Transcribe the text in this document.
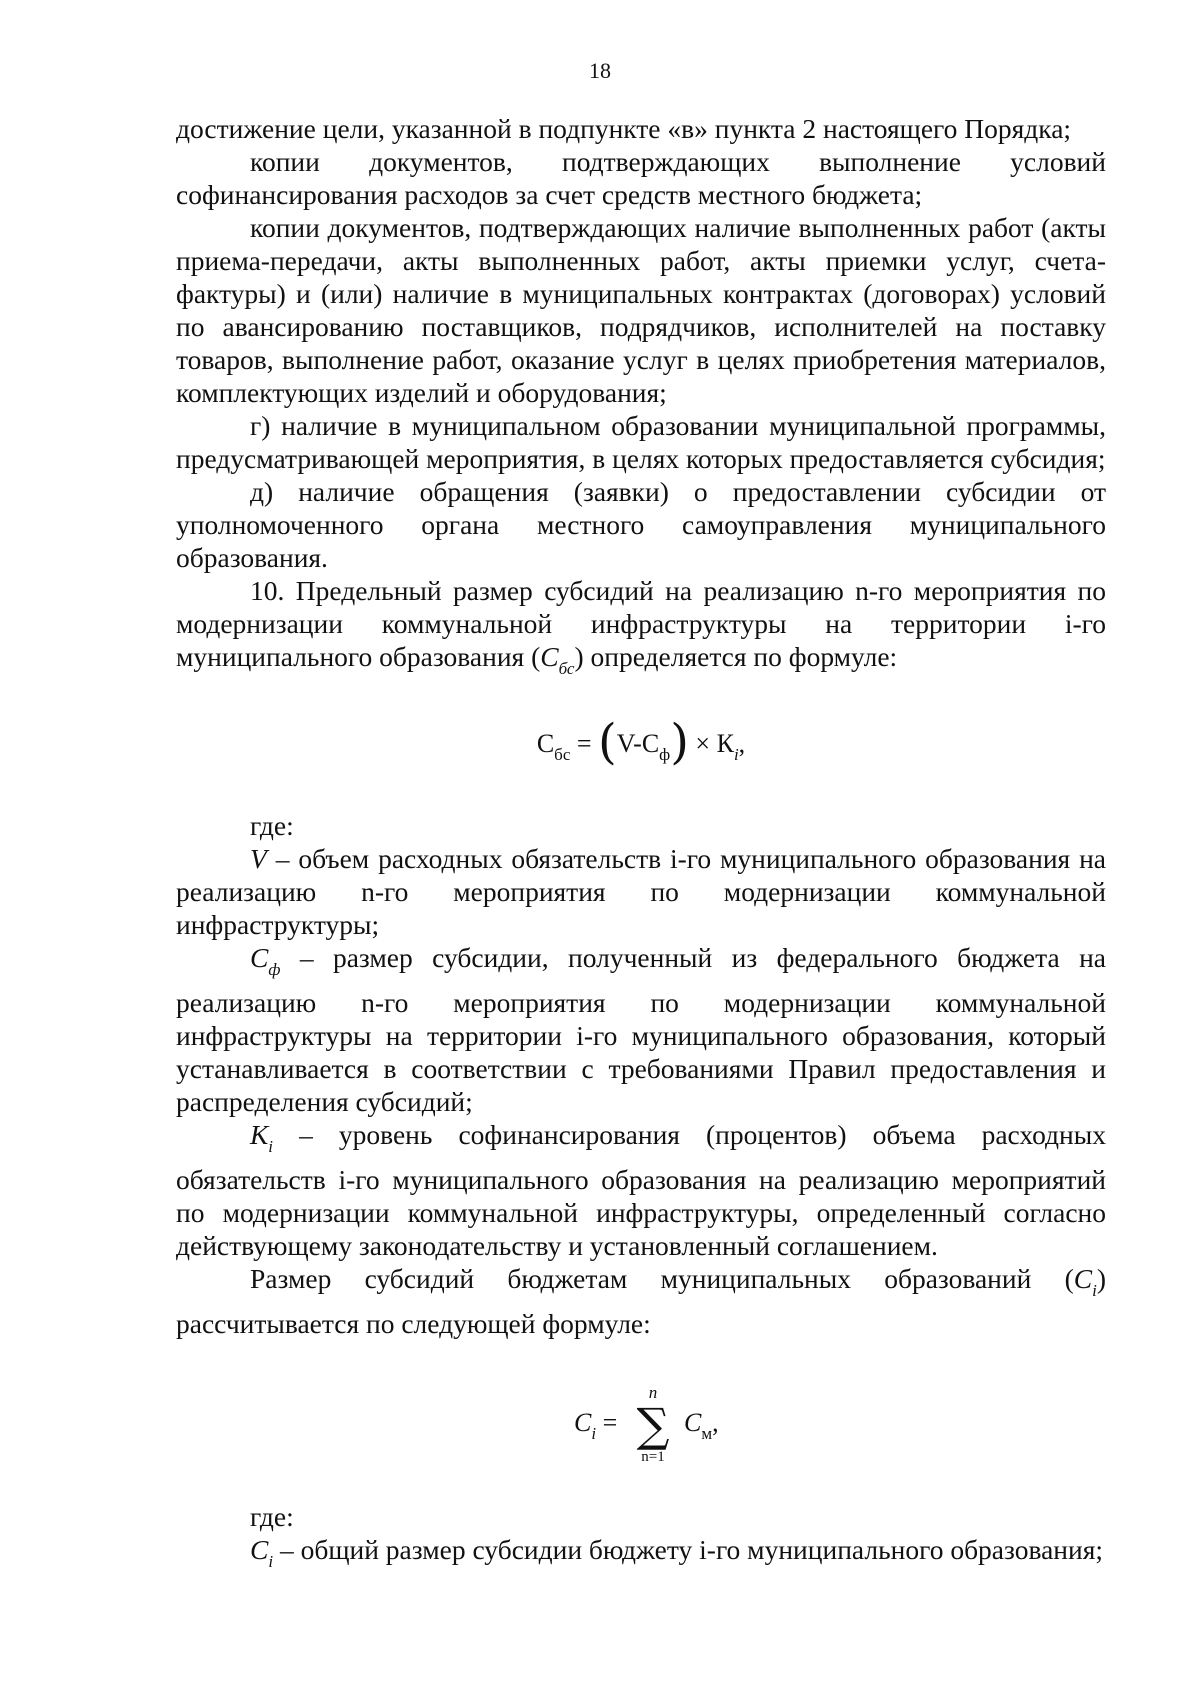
18

достижение цели, указанной в подпункте «в» пункта 2 настоящего Порядка;

копии документов, подтверждающих выполнение условий софинансирования расходов за счет средств местного бюджета;

копии документов, подтверждающих наличие выполненных работ (акты приема-передачи, акты выполненных работ, акты приемки услуг, счета-фактуры) и (или) наличие в муниципальных контрактах (договорах) условий по авансированию поставщиков, подрядчиков, исполнителей на поставку товаров, выполнение работ, оказание услуг в целях приобретения материалов, комплектующих изделий и оборудования;

г) наличие в муниципальном образовании муниципальной программы, предусматривающей мероприятия, в целях которых предоставляется субсидия;

д) наличие обращения (заявки) о предоставлении субсидии от уполномоченного органа местного самоуправления муниципального образования.

10. Предельный размер субсидий на реализацию n-го мероприятия по модернизации коммунальной инфраструктуры на территории i-го муниципального образования $(С_{бс})$ определяется по формуле:

$С_{бс} = (V-С_ф) \times К_i$,

где:

V – объем расходных обязательств i-го муниципального образования на реализацию n-го мероприятия по модернизации коммунальной инфраструктуры;

$С_ф$ – размер субсидии, полученный из федерального бюджета на реализацию n-го мероприятия по модернизации коммунальной инфраструктуры на территории i-го муниципального образования, который устанавливается в соответствии с требованиями Правил предоставления и распределения субсидий;

$К_i$ – уровень софинансирования (процентов) объема расходных обязательств i-го муниципального образования на реализацию мероприятий по модернизации коммунальной инфраструктуры, определенный согласно действующему законодательству и установленный соглашением.

Размер субсидий бюджетам муниципальных образований $(С_i)$ рассчитывается по следующей формуле:

$C_i$ =
n
∑
n=1
$C_м$,

где:

$С_i$ – общий размер субсидии бюджету i-го муниципального образования;
